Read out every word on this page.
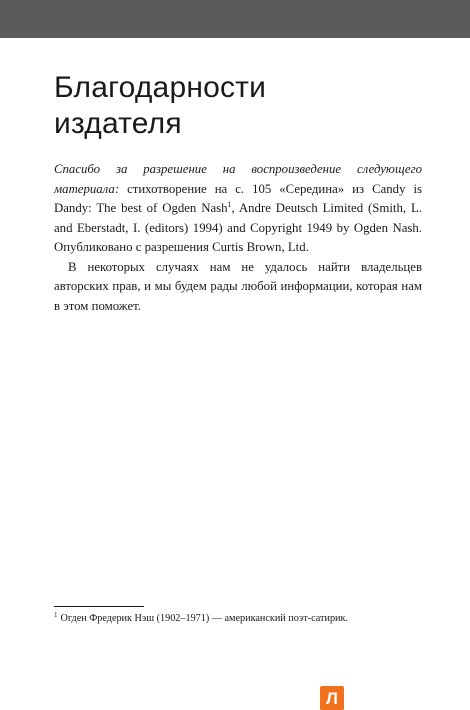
Благодарности
издателя

Спасибо за разрешение на воспроизведение следующего материала: стихотворение на с. 105 «Середина» из Candy is Dandy: The best of Ogden Nash$^1$, Andre Deutsch Limited (Smith, L. and Eberstadt, I. (editors) 1994) and Copyright 1949 by Ogden Nash. Опубликовано с разрешения Curtis Brown, Ltd.

В некоторых случаях нам не удалось найти владельцев авторских прав, и мы будем рады любой информации, которая нам в этом поможет.

$^1$ Огден Фредерик Нэш (1902–1971) — американский поэт-сатирик.
Л
